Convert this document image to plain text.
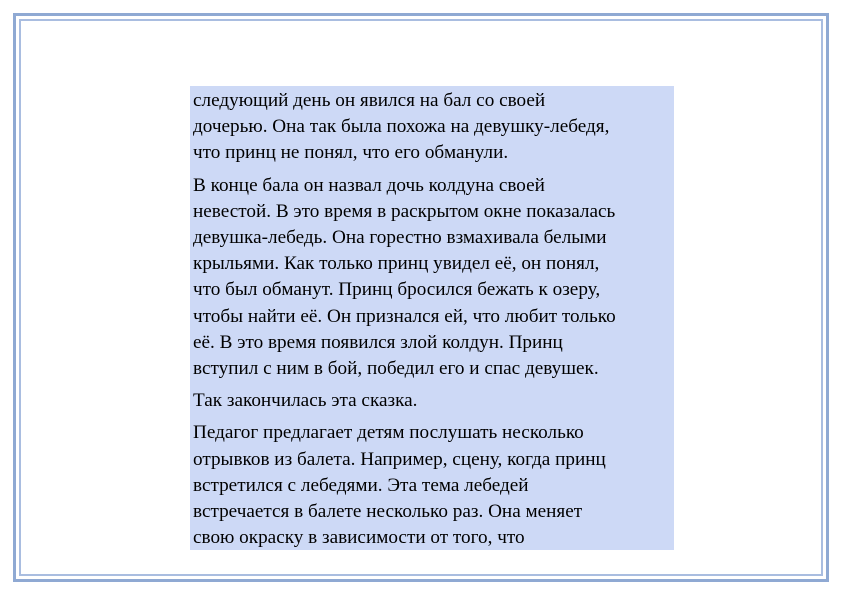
следующий день он явился на бал со своей
дочерью. Она так была похожа на девушку-лебедя,
что принц не понял, что его обманули.

В конце бала он назвал дочь колдуна своей
невестой. В это время в раскрытом окне показалась
девушка-лебедь. Она горестно взмахивала белыми
крыльями. Как только принц увидел её, он понял,
что был обманут. Принц бросился бежать к озеру,
чтобы найти её. Он признался ей, что любит только
её. В это время появился злой колдун. Принц
вступил с ним в бой, победил его и спас девушек.

Так закончилась эта сказка.

Педагог предлагает детям послушать несколько
отрывков из балета. Например, сцену, когда принц
встретился с лебедями. Эта тема лебедей
встречается в балете несколько раз. Она меняет
свою окраску в зависимости от того, что
